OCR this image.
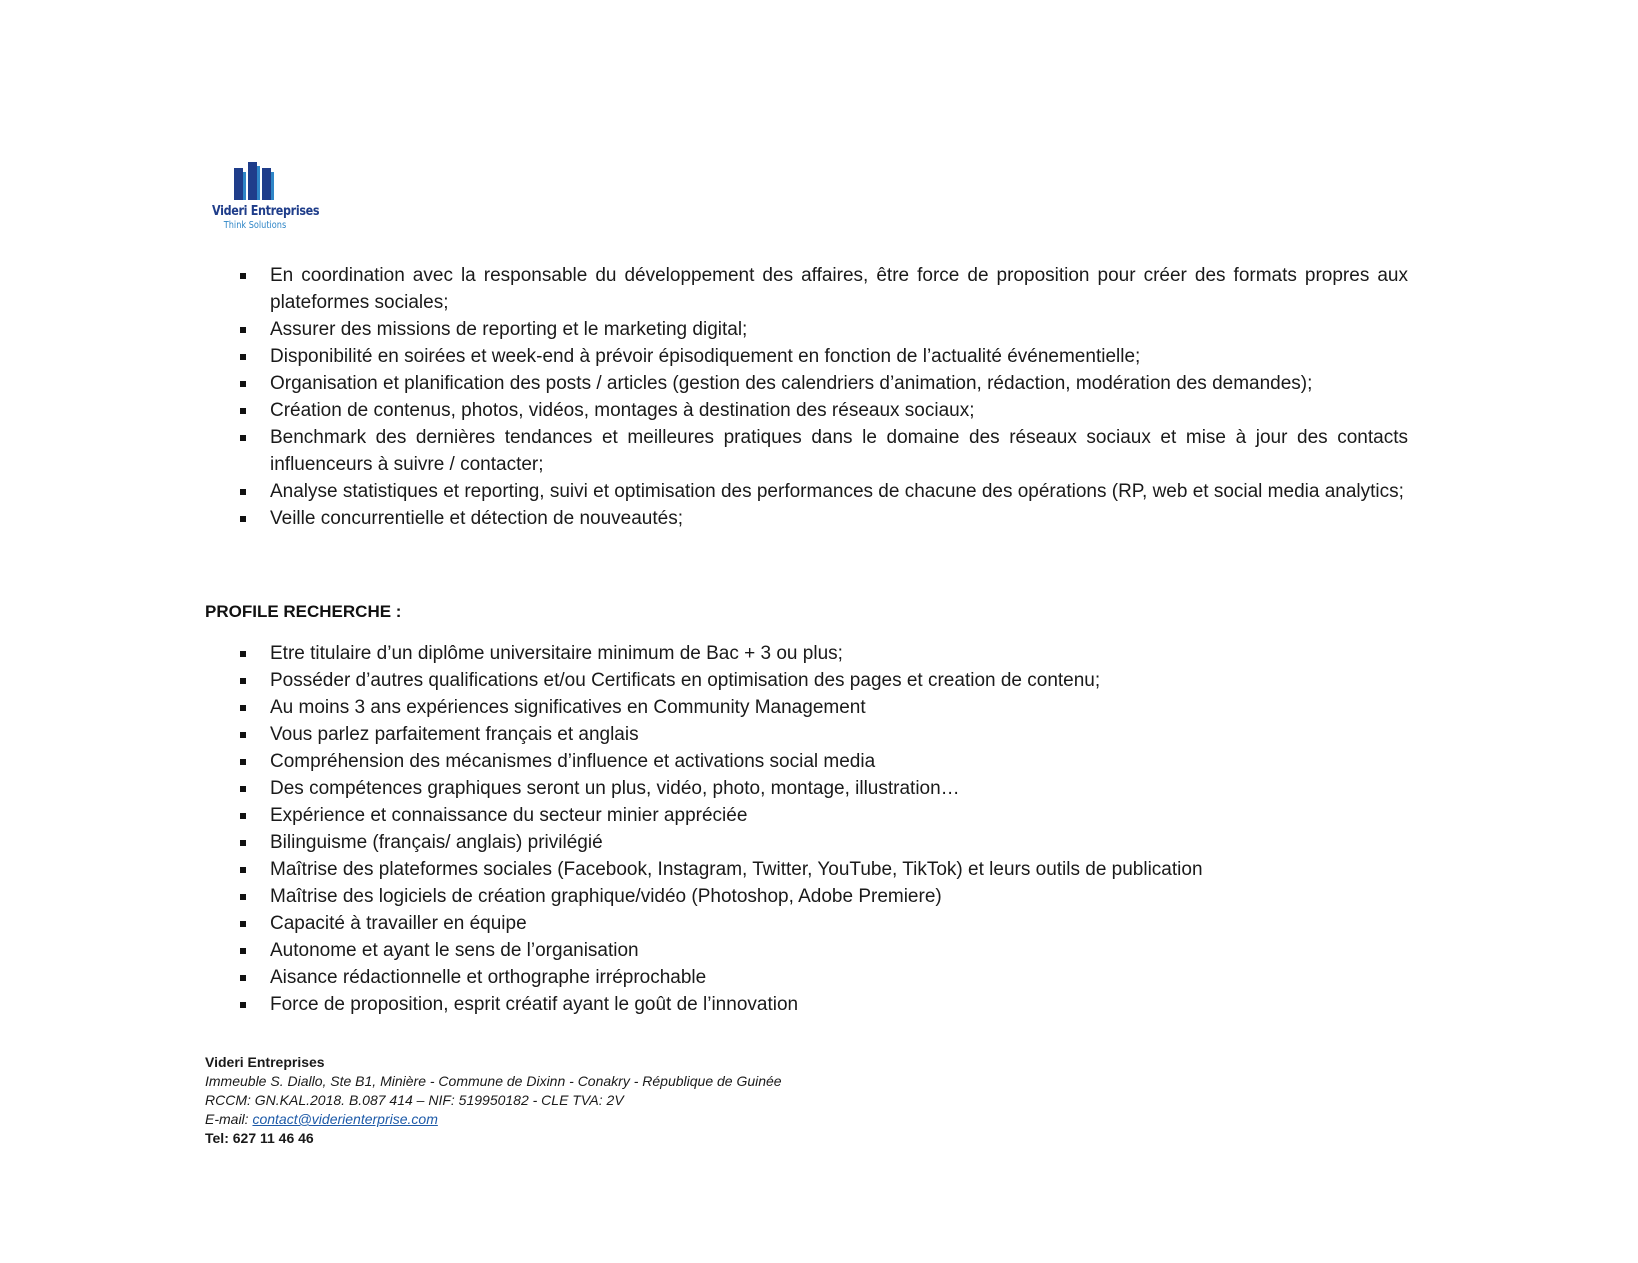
Videri Entreprises
Think Solutions
En coordination avec la responsable du développement des affaires, être force de proposition pour créer des formats propres aux plateformes sociales;
Assurer des missions de reporting et le marketing digital;
Disponibilité en soirées et week-end à prévoir épisodiquement en fonction de l’actualité événementielle;
Organisation et planification des posts / articles (gestion des calendriers d’animation, rédaction, modération des demandes);
Création de contenus, photos, vidéos, montages à destination des réseaux sociaux;
Benchmark des dernières tendances et meilleures pratiques dans le domaine des réseaux sociaux et mise à jour des contacts influenceurs à suivre / contacter;
Analyse statistiques et reporting, suivi et optimisation des performances de chacune des opérations (RP, web et social media analytics;
Veille concurrentielle et détection de nouveautés;
PROFILE RECHERCHE :
Etre titulaire d’un diplôme universitaire minimum de Bac + 3 ou plus;
Posséder d’autres qualifications et/ou Certificats en optimisation des pages et creation de contenu;
Au moins 3 ans expériences significatives en Community Management
Vous parlez parfaitement français et anglais
Compréhension des mécanismes d’influence et activations social media
Des compétences graphiques seront un plus, vidéo, photo, montage, illustration…
Expérience et connaissance du secteur minier appréciée
Bilinguisme (français/ anglais) privilégié
Maîtrise des plateformes sociales (Facebook, Instagram, Twitter, YouTube, TikTok) et leurs outils de publication
Maîtrise des logiciels de création graphique/vidéo (Photoshop, Adobe Premiere)
Capacité à travailler en équipe
Autonome et ayant le sens de l’organisation
Aisance rédactionnelle et orthographe irréprochable
Force de proposition, esprit créatif ayant le goût de l’innovation
Videri Entreprises
Immeuble S. Diallo, Ste B1, Minière - Commune de Dixinn - Conakry - République de Guinée
RCCM: GN.KAL.2018. B.087 414 – NIF: 519950182 - CLE TVA: 2V
E-mail: contact@viderienterprise.com
Tel: 627 11 46 46
